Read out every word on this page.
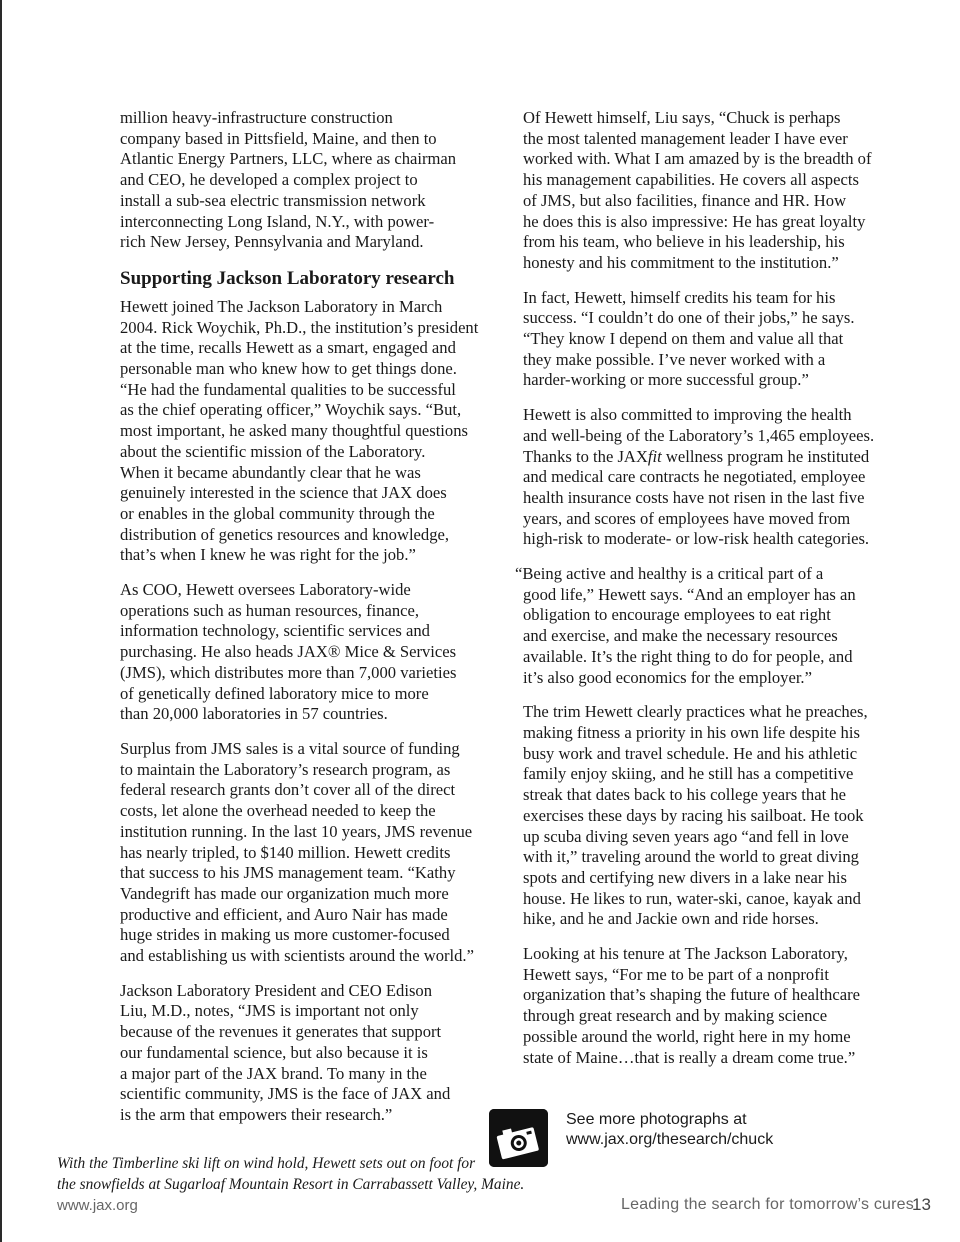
million heavy-infrastructure construction
company based in Pittsfield, Maine, and then to
Atlantic Energy Partners, LLC, where as chairman
and CEO, he developed a complex project to
install a sub-sea electric transmission network
interconnecting Long Island, N.Y., with power-
rich New Jersey, Pennsylvania and Maryland.

Supporting Jackson Laboratory research

Hewett joined The Jackson Laboratory in March
2004. Rick Woychik, Ph.D., the institution’s president
at the time, recalls Hewett as a smart, engaged and
personable man who knew how to get things done.
“He had the fundamental qualities to be successful
as the chief operating officer,” Woychik says. “But,
most important, he asked many thoughtful questions
about the scientific mission of the Laboratory.
When it became abundantly clear that he was
genuinely interested in the science that JAX does
or enables in the global community through the
distribution of genetics resources and knowledge,
that’s when I knew he was right for the job.”

As COO, Hewett oversees Laboratory-wide
operations such as human resources, finance,
information technology, scientific services and
purchasing. He also heads JAX® Mice & Services
(JMS), which distributes more than 7,000 varieties
of genetically defined laboratory mice to more
than 20,000 laboratories in 57 countries.

Surplus from JMS sales is a vital source of funding
to maintain the Laboratory’s research program, as
federal research grants don’t cover all of the direct
costs, let alone the overhead needed to keep the
institution running. In the last 10 years, JMS revenue
has nearly tripled, to $140 million. Hewett credits
that success to his JMS management team. “Kathy
Vandegrift has made our organization much more
productive and efficient, and Auro Nair has made
huge strides in making us more customer-focused
and establishing us with scientists around the world.”

Jackson Laboratory President and CEO Edison
Liu, M.D., notes, “JMS is important not only
because of the revenues it generates that support
our fundamental science, but also because it is
a major part of the JAX brand. To many in the
scientific community, JMS is the face of JAX and
is the arm that empowers their research.”

Of Hewett himself, Liu says, “Chuck is perhaps
the most talented management leader I have ever
worked with. What I am amazed by is the breadth of
his management capabilities. He covers all aspects
of JMS, but also facilities, finance and HR. How
he does this is also impressive: He has great loyalty
from his team, who believe in his leadership, his
honesty and his commitment to the institution.”

In fact, Hewett, himself credits his team for his
success. “I couldn’t do one of their jobs,” he says.
“They know I depend on them and value all that
they make possible. I’ve never worked with a
harder-working or more successful group.”

Hewett is also committed to improving the health
and well-being of the Laboratory’s 1,465 employees.
Thanks to the JAXfit wellness program he instituted
and medical care contracts he negotiated, employee
health insurance costs have not risen in the last five
years, and scores of employees have moved from
high-risk to moderate- or low-risk health categories.

“Being active and healthy is a critical part of a
good life,” Hewett says. “And an employer has an
obligation to encourage employees to eat right
and exercise, and make the necessary resources
available. It’s the right thing to do for people, and
it’s also good economics for the employer.”

The trim Hewett clearly practices what he preaches,
making fitness a priority in his own life despite his
busy work and travel schedule. He and his athletic
family enjoy skiing, and he still has a competitive
streak that dates back to his college years that he
exercises these days by racing his sailboat. He took
up scuba diving seven years ago “and fell in love
with it,” traveling around the world to great diving
spots and certifying new divers in a lake near his
house. He likes to run, water-ski, canoe, kayak and
hike, and he and Jackie own and ride horses.

Looking at his tenure at The Jackson Laboratory,
Hewett says, “For me to be part of a nonprofit
organization that’s shaping the future of healthcare
through great research and by making science
possible around the world, right here in my home
state of Maine…that is really a dream come true.”

With the Timberline ski lift on wind hold, Hewett sets out on foot for
the snowfields at Sugarloaf Mountain Resort in Carrabassett Valley, Maine.
See more photographs at
www.jax.org/thesearch/chuck
www.jax.org	Leading the search for tomorrow’s cures
13
